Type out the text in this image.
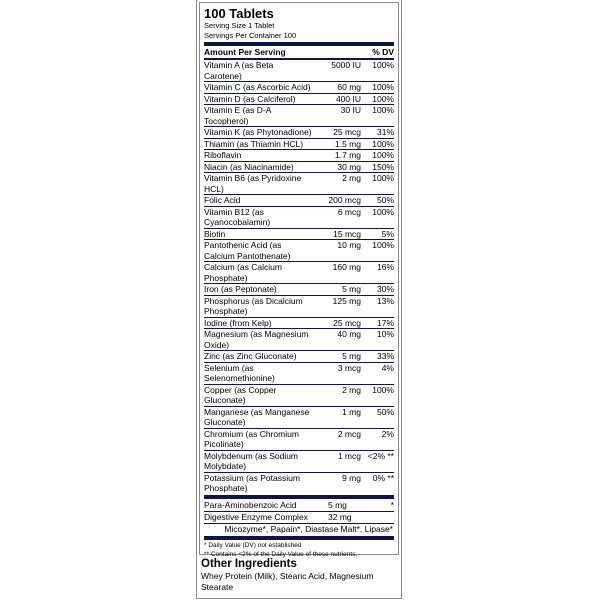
100 Tablets
Serving Size 1 Tablet
Servings Per Container 100
Amount Per Serving	% DV
Vitamin A (as Beta Carotene)
5000 IU	100%
Vitamin C (as Ascorbic Acid)	60 mg	100%
Vitamin D (as Calciferol)	400 IU	100%
Vitamin E (as D-A Tocopherol)
30 IU	100%
Vitamin K (as Phytonadione)	25 mcg	31%
Thiamin (as Thiamin HCL)	1.5 mg	100%
Riboflavin	1.7 mg	100%
Niacin (as Niacinamide)	30 mg	150%
Vitamin B6 (as Pyridoxine HCL)
2 mg	100%
Folic Acid	200 mcg	50%
Vitamin B12 (as Cyanocobalamin)
6 mcg	100%
Biotin	15 mcg	5%
Pantothenic Acid (as Calcium Pantothenate)
10 mg	100%
Calcium (as Calcium Phosphate)
160 mg	16%
Iron (as Peptonate)	5 mg	30%
Phosphorus (as Dicalcium Phosphate)
125 mg	13%
Iodine (from Kelp)	25 mcg	17%
Magnesium (as Magnesium Oxide)
40 mg	10%
Zinc (as Zinc Gluconate)	5 mg	33%
Selenium (as Selenomethionine)
3 mcg	4%
Copper (as Copper Gluconate)
2 mg	100%
Manganese (as Manganese Gluconate)
1 mg	50%
Chromium (as Chromium Picolinate)
2 mcg	2%
Molybdenum (as Sodium Molybdate)
1 mcg <2% **
Potassium (as Potassium Phosphate)
9 mg	0% **
Para-Aminobenzoic Acid	5 mg	*
Digestive Enzyme Complex	32 mg
Micozyme*, Papain*, Diastase Malt*, Lipase*
* Daily Value (DV) not established
** Contains <2% of the Daily Value of these nutrients.
Other Ingredients
Whey Protein (Milk), Stearic Acid, Magnesium Stearate
